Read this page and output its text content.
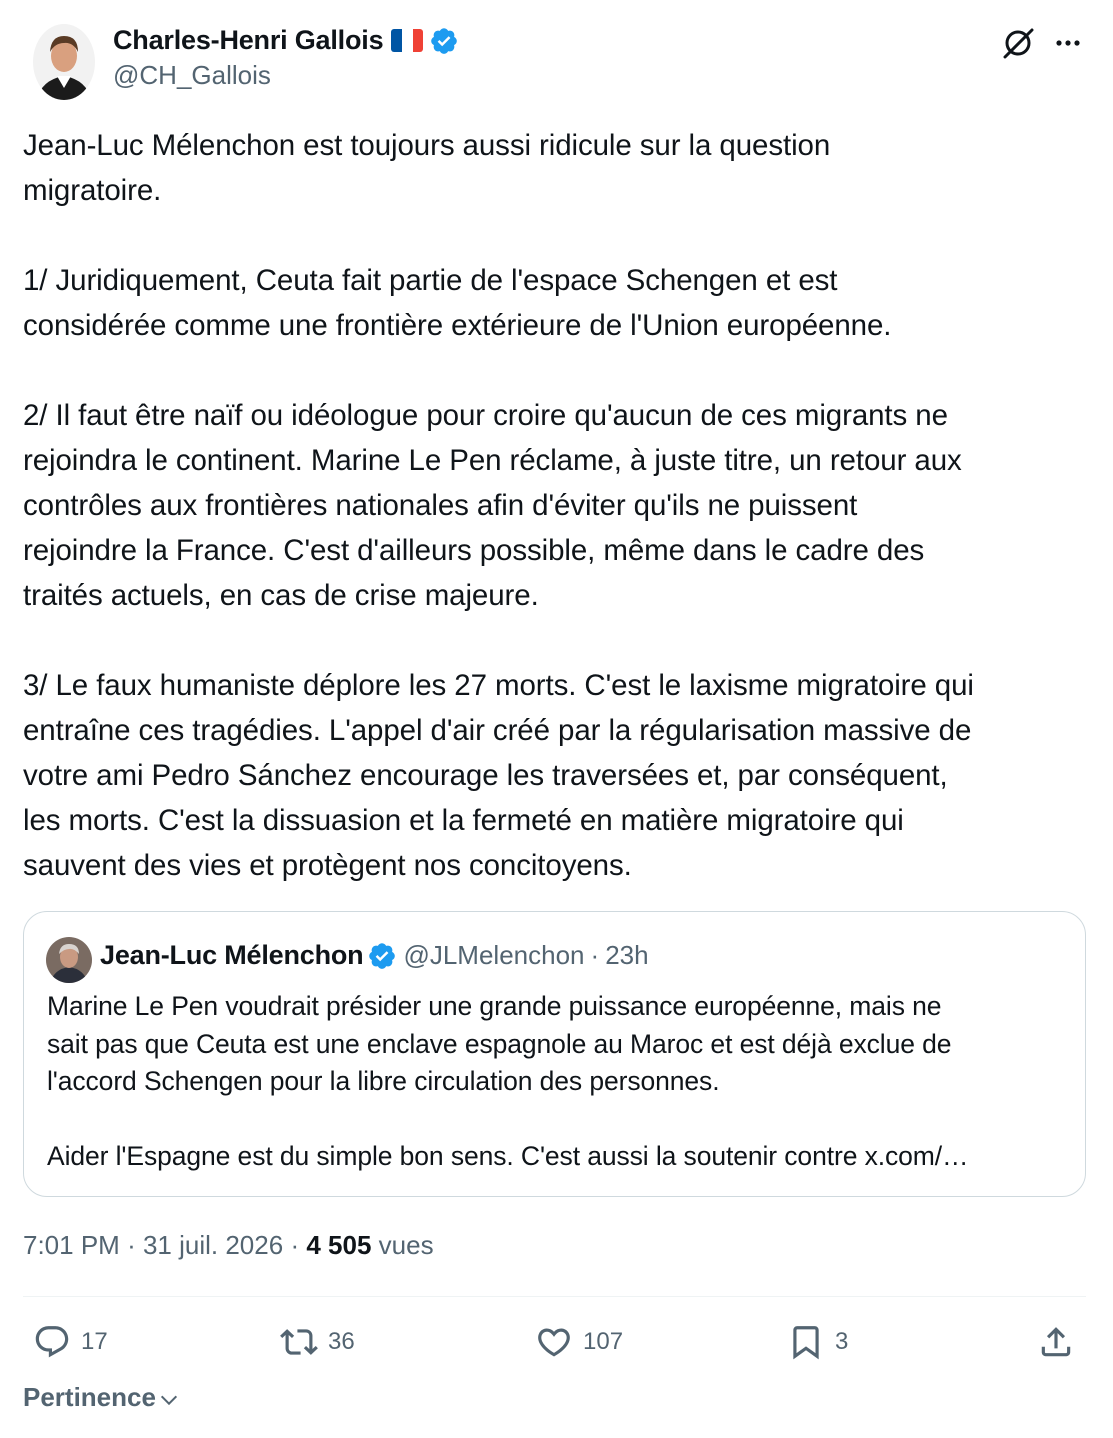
Charles-Henri Gallois
@CH_Gallois
Jean-Luc Mélenchon est toujours aussi ridicule sur la question
migratoire.

1/ Juridiquement, Ceuta fait partie de l'espace Schengen et est
considérée comme une frontière extérieure de l'Union européenne.

2/ Il faut être naïf ou idéologue pour croire qu'aucun de ces migrants ne
rejoindra le continent. Marine Le Pen réclame, à juste titre, un retour aux
contrôles aux frontières nationales afin d'éviter qu'ils ne puissent
rejoindre la France. C'est d'ailleurs possible, même dans le cadre des
traités actuels, en cas de crise majeure.

3/ Le faux humaniste déplore les 27 morts. C'est le laxisme migratoire qui
entraîne ces tragédies. L'appel d'air créé par la régularisation massive de
votre ami Pedro Sánchez encourage les traversées et, par conséquent,
les morts. C'est la dissuasion et la fermeté en matière migratoire qui
sauvent des vies et protègent nos concitoyens.
Jean-Luc Mélenchon @JLMelenchon · 23h
Marine Le Pen voudrait présider une grande puissance européenne, mais ne
sait pas que Ceuta est une enclave espagnole au Maroc et est déjà exclue de
l'accord Schengen pour la libre circulation des personnes.

Aider l'Espagne est du simple bon sens. C'est aussi la soutenir contre x.com/…
7:01 PM · 31 juil. 2026 · 4 505 vues
17	36	107	3
Pertinence
